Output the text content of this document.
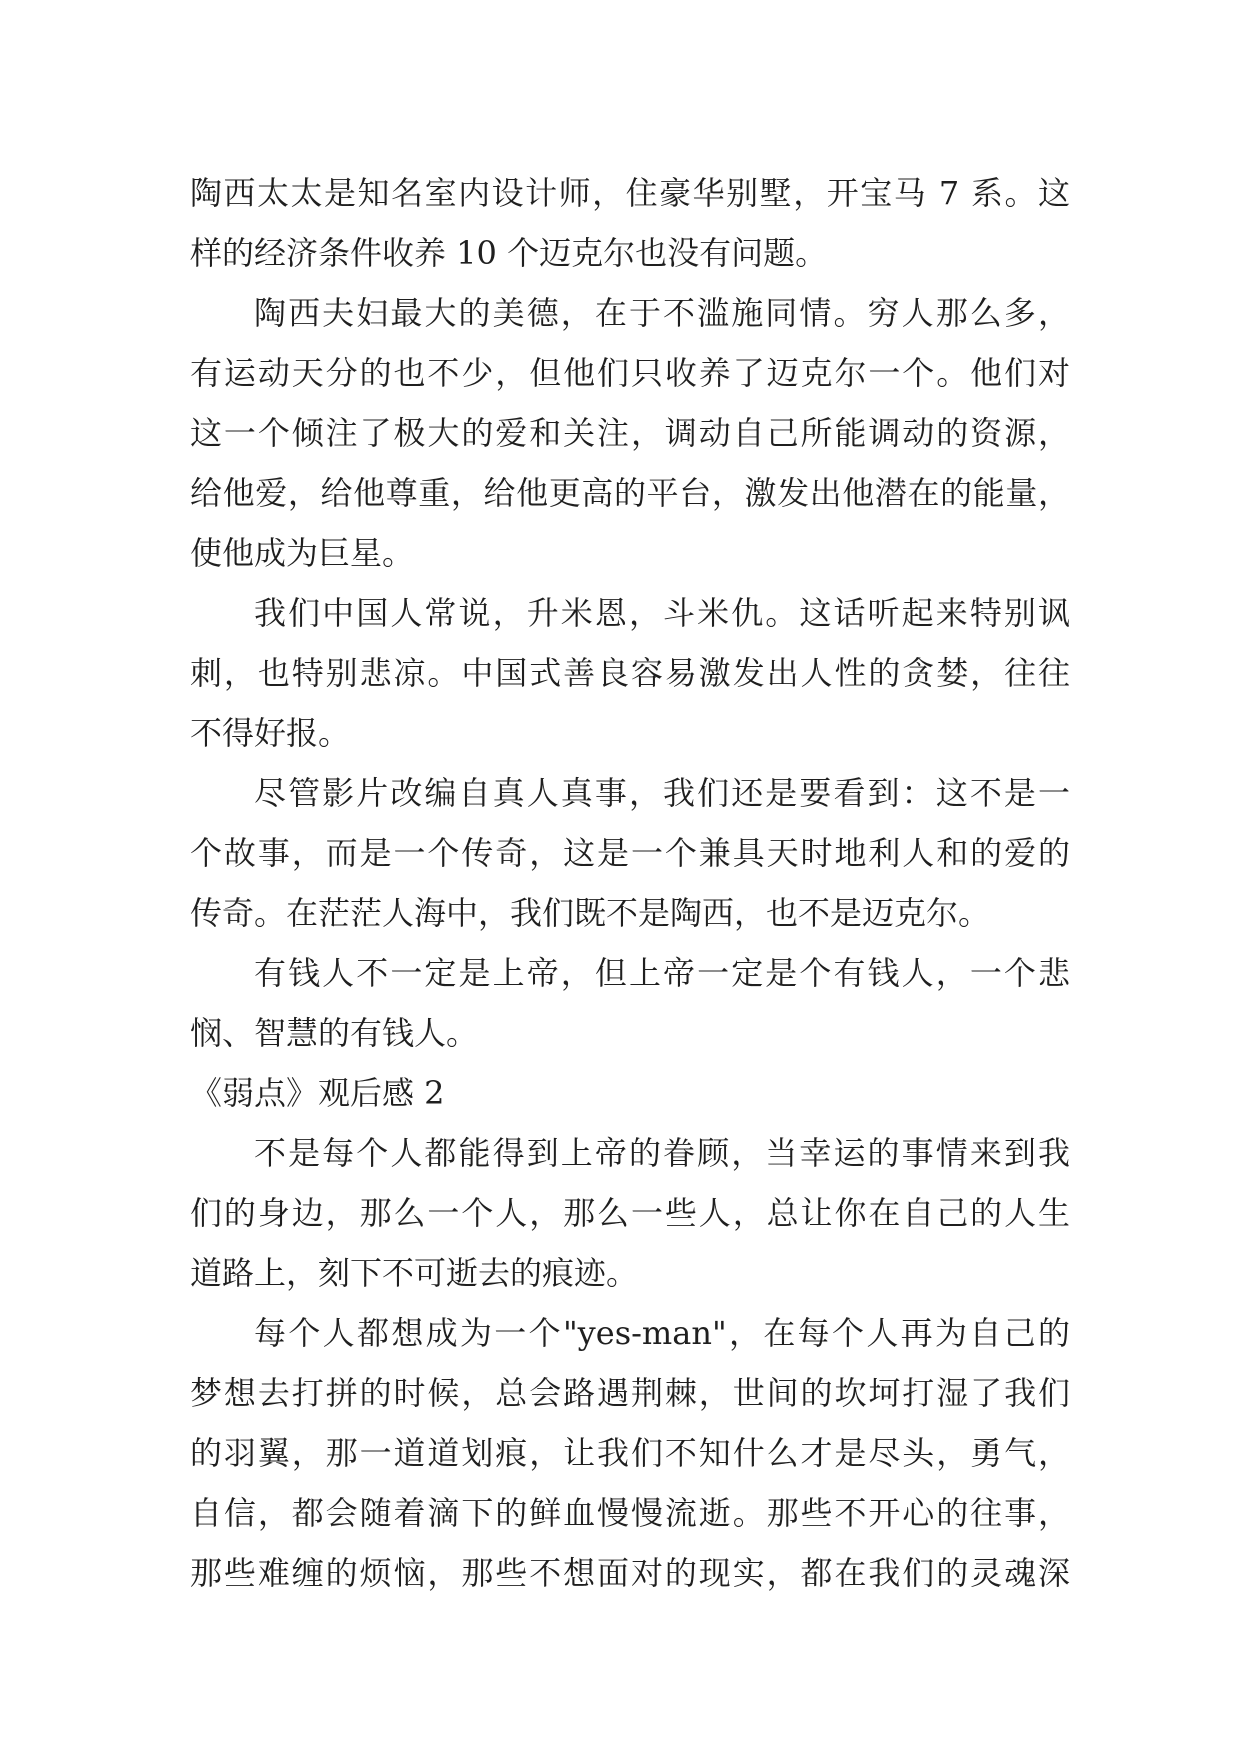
陶西太太是知名室内设计师，住豪华别墅，开宝马 7 系。这
样的经济条件收养 10 个迈克尔也没有问题。
陶西夫妇最大的美德，在于不滥施同情。穷人那么多，
有运动天分的也不少，但他们只收养了迈克尔一个。他们对
这一个倾注了极大的爱和关注，调动自己所能调动的资源，
给他爱，给他尊重，给他更高的平台，激发出他潜在的能量，
使他成为巨星。
我们中国人常说，升米恩，斗米仇。这话听起来特别讽
刺，也特别悲凉。中国式善良容易激发出人性的贪婪，往往
不得好报。
尽管影片改编自真人真事，我们还是要看到：这不是一
个故事，而是一个传奇，这是一个兼具天时地利人和的爱的
传奇。在茫茫人海中，我们既不是陶西，也不是迈克尔。
有钱人不一定是上帝，但上帝一定是个有钱人，一个悲
悯、智慧的有钱人。
《弱点》观后感 2
不是每个人都能得到上帝的眷顾，当幸运的事情来到我
们的身边，那么一个人，那么一些人，总让你在自己的人生
道路上，刻下不可逝去的痕迹。
每个人都想成为一个"yes-man"，在每个人再为自己的
梦想去打拼的时候，总会路遇荆棘，世间的坎坷打湿了我们
的羽翼，那一道道划痕，让我们不知什么才是尽头，勇气，
自信，都会随着滴下的鲜血慢慢流逝。那些不开心的往事，
那些难缠的烦恼，那些不想面对的现实，都在我们的灵魂深
